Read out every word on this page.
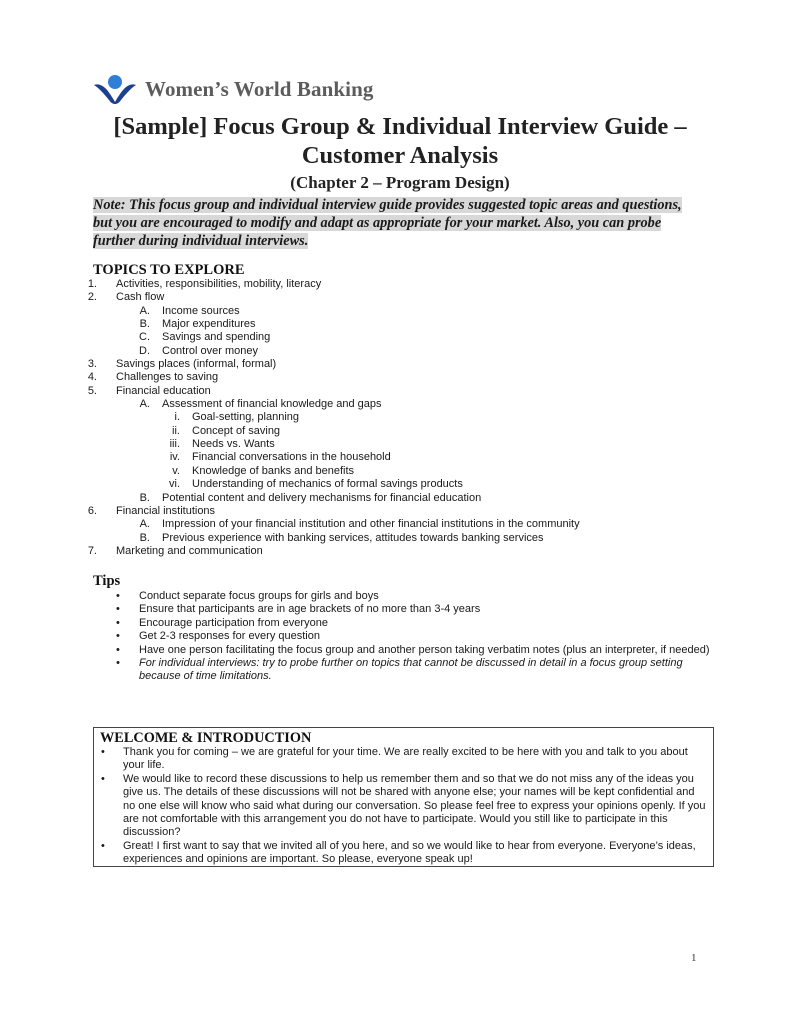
Women’s World Banking
[Sample] Focus Group & Individual Interview Guide –
Customer Analysis
(Chapter 2 – Program Design)
Note: This focus group and individual interview guide provides suggested topic areas and questions, but you are encouraged to modify and adapt as appropriate for your market. Also, you can probe further during individual interviews.
TOPICS TO EXPLORE
1. Activities, responsibilities, mobility, literacy
2. Cash flow
A. Income sources
B. Major expenditures
C. Savings and spending
D. Control over money
3. Savings places (informal, formal)
4. Challenges to saving
5. Financial education
A. Assessment of financial knowledge and gaps
i. Goal-setting, planning
ii. Concept of saving
iii. Needs vs. Wants
iv. Financial conversations in the household
v. Knowledge of banks and benefits
vi. Understanding of mechanics of formal savings products
B. Potential content and delivery mechanisms for financial education
6. Financial institutions
A. Impression of your financial institution and other financial institutions in the community
B. Previous experience with banking services, attitudes towards banking services
7. Marketing and communication
Tips
• Conduct separate focus groups for girls and boys
• Ensure that participants are in age brackets of no more than 3-4 years
• Encourage participation from everyone
• Get 2-3 responses for every question
• Have one person facilitating the focus group and another person taking verbatim notes (plus an interpreter, if needed)
• For individual interviews: try to probe further on topics that cannot be discussed in detail in a focus group setting because of time limitations.
WELCOME & INTRODUCTION
• Thank you for coming – we are grateful for your time. We are really excited to be here with you and talk to you about your life.
• We would like to record these discussions to help us remember them and so that we do not miss any of the ideas you give us. The details of these discussions will not be shared with anyone else; your names will be kept confidential and no one else will know who said what during our conversation. So please feel free to express your opinions openly. If you are not comfortable with this arrangement you do not have to participate. Would you still like to participate in this discussion?
• Great! I first want to say that we invited all of you here, and so we would like to hear from everyone. Everyone’s ideas, experiences and opinions are important. So please, everyone speak up!
1
